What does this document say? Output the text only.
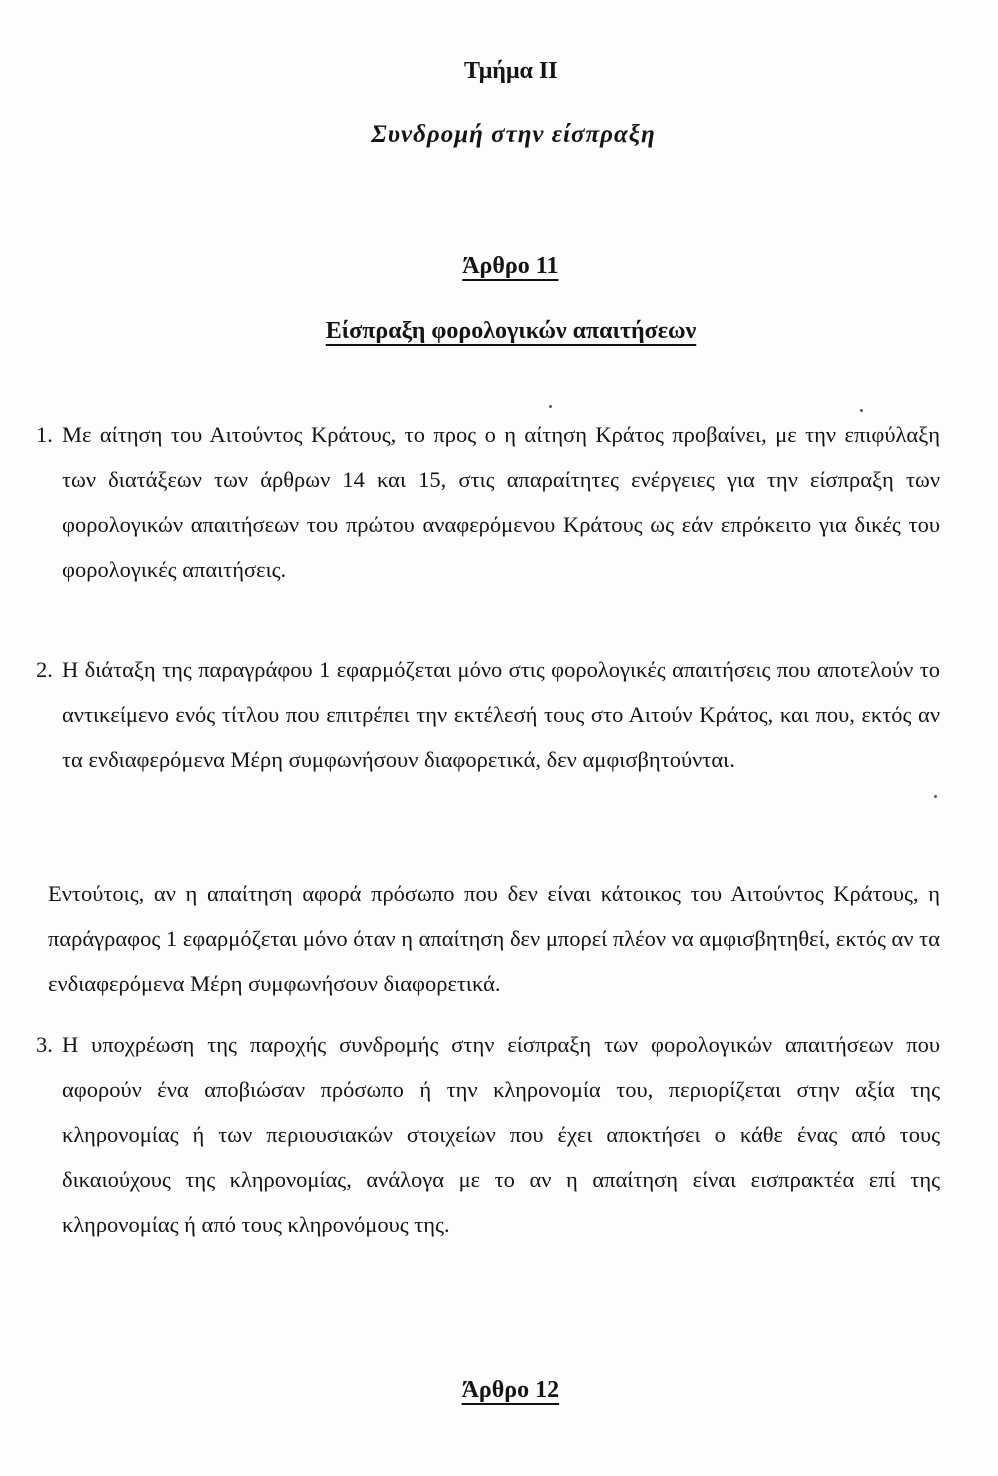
Τμήμα II

Συνδρομή στην είσπραξη

Άρθρο 11

Είσπραξη φορολογικών απαιτήσεων

1. Με αίτηση του Αιτούντος Κράτους, το προς ο η αίτηση Κράτος προβαίνει, με την επιφύλαξη των διατάξεων των άρθρων 14 και 15, στις απαραίτητες ενέργειες για την είσπραξη των φορολογικών απαιτήσεων του πρώτου αναφερόμενου Κράτους ως εάν επρόκειτο για δικές του φορολογικές απαιτήσεις.
2. Η διάταξη της παραγράφου 1 εφαρμόζεται μόνο στις φορολογικές απαιτήσεις που αποτελούν το αντικείμενο ενός τίτλου που επιτρέπει την εκτέλεσή τους στο Αιτούν Κράτος, και που, εκτός αν τα ενδιαφερόμενα Μέρη συμφωνήσουν διαφορετικά, δεν αμφισβητούνται.
Εντούτοις, αν η απαίτηση αφορά πρόσωπο που δεν είναι κάτοικος του Αιτούντος Κράτους, η παράγραφος 1 εφαρμόζεται μόνο όταν η απαίτηση δεν μπορεί πλέον να αμφισβητηθεί, εκτός αν τα ενδιαφερόμενα Μέρη συμφωνήσουν διαφορετικά.
3. Η υποχρέωση της παροχής συνδρομής στην είσπραξη των φορολογικών απαιτήσεων που αφορούν ένα αποβιώσαν πρόσωπο ή την κληρονομία του, περιορίζεται στην αξία της κληρονομίας ή των περιουσιακών στοιχείων που έχει αποκτήσει ο κάθε ένας από τους δικαιούχους της κληρονομίας, ανάλογα με το αν η απαίτηση είναι εισπρακτέα επί της κληρονομίας ή από τους κληρονόμους της.

Άρθρο 12
